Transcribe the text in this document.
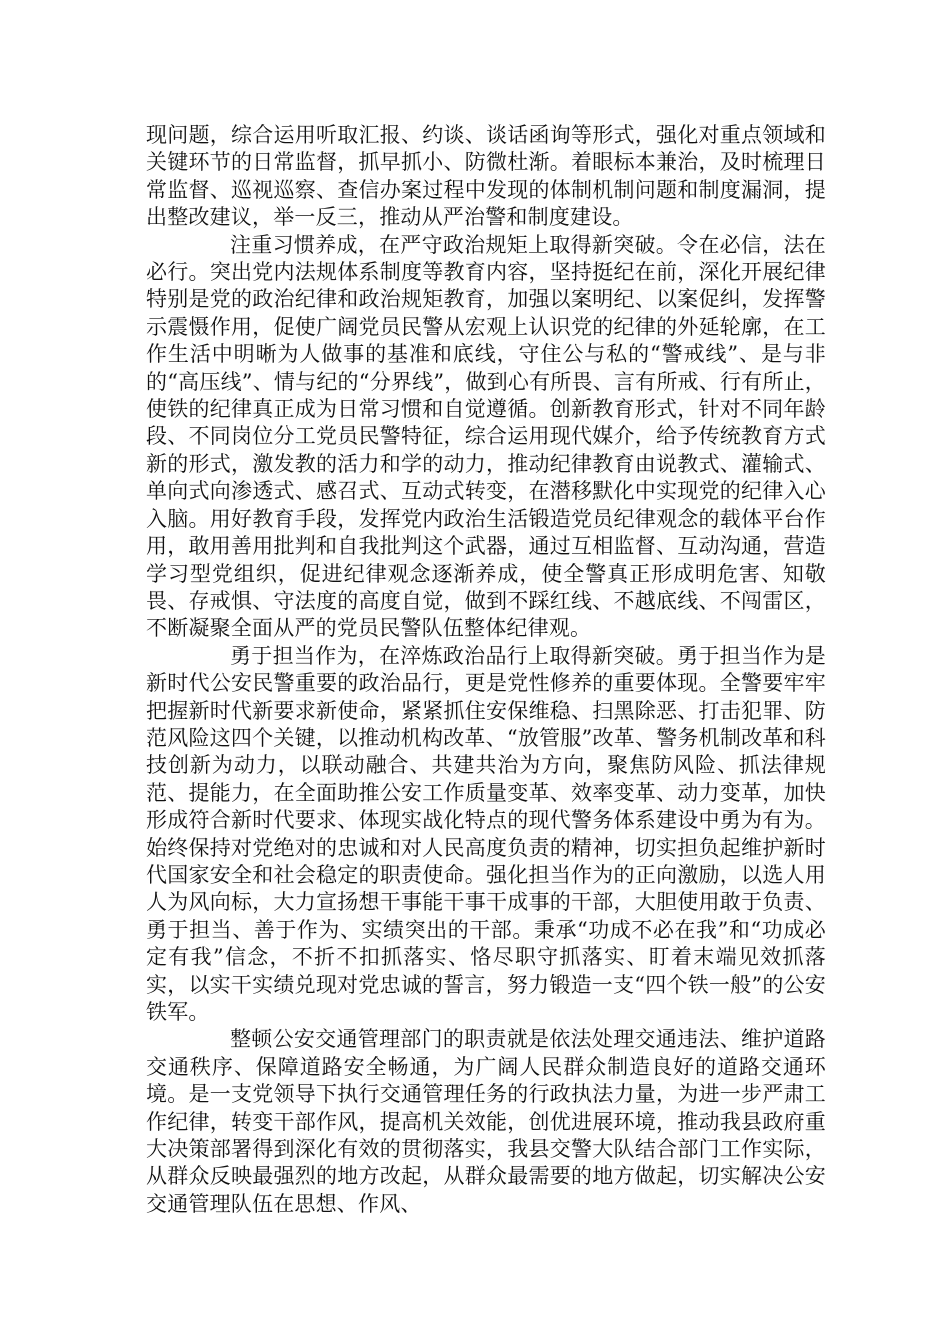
现问题，综合运用听取汇报、约谈、谈话函询等形式，强化对重点领域和关键环节的日常监督，抓早抓小、防微杜渐。着眼标本兼治，及时梳理日常监督、巡视巡察、查信办案过程中发现的体制机制问题和制度漏洞，提出整改建议，举一反三，推动从严治警和制度建设。

注重习惯养成，在严守政治规矩上取得新突破。令在必信，法在必行。突出党内法规体系制度等教育内容，坚持挺纪在前，深化开展纪律特别是党的政治纪律和政治规矩教育，加强以案明纪、以案促纠，发挥警示震慑作用，促使广阔党员民警从宏观上认识党的纪律的外延轮廓，在工作生活中明晰为人做事的基准和底线，守住公与私的“警戒线”、是与非的“高压线”、情与纪的“分界线”，做到心有所畏、言有所戒、行有所止，使铁的纪律真正成为日常习惯和自觉遵循。创新教育形式，针对不同年龄段、不同岗位分工党员民警特征，综合运用现代媒介，给予传统教育方式新的形式，激发教的活力和学的动力，推动纪律教育由说教式、灌输式、单向式向渗透式、感召式、互动式转变，在潜移默化中实现党的纪律入心入脑。用好教育手段，发挥党内政治生活锻造党员纪律观念的载体平台作用，敢用善用批判和自我批判这个武器，通过互相监督、互动沟通，营造学习型党组织，促进纪律观念逐渐养成，使全警真正形成明危害、知敬畏、存戒惧、守法度的高度自觉，做到不踩红线、不越底线、不闯雷区，不断凝聚全面从严的党员民警队伍整体纪律观。

勇于担当作为，在淬炼政治品行上取得新突破。勇于担当作为是新时代公安民警重要的政治品行，更是党性修养的重要体现。全警要牢牢把握新时代新要求新使命，紧紧抓住安保维稳、扫黑除恶、打击犯罪、防范风险这四个关键，以推动机构改革、“放管服”改革、警务机制改革和科技创新为动力，以联动融合、共建共治为方向，聚焦防风险、抓法律规范、提能力，在全面助推公安工作质量变革、效率变革、动力变革，加快形成符合新时代要求、体现实战化特点的现代警务体系建设中勇为有为。始终保持对党绝对的忠诚和对人民高度负责的精神，切实担负起维护新时代国家安全和社会稳定的职责使命。强化担当作为的正向激励，以选人用人为风向标，大力宣扬想干事能干事干成事的干部，大胆使用敢于负责、勇于担当、善于作为、实绩突出的干部。秉承“功成不必在我”和“功成必定有我”信念，不折不扣抓落实、恪尽职守抓落实、盯着末端见效抓落实，以实干实绩兑现对党忠诚的誓言，努力锻造一支“四个铁一般”的公安铁军。

整顿公安交通管理部门的职责就是依法处理交通违法、维护道路交通秩序、保障道路安全畅通，为广阔人民群众制造良好的道路交通环境。是一支党领导下执行交通管理任务的行政执法力量，为进一步严肃工作纪律，转变干部作风，提高机关效能，创优进展环境，推动我县政府重大决策部署得到深化有效的贯彻落实，我县交警大队结合部门工作实际，从群众反映最强烈的地方改起，从群众最需要的地方做起，切实解决公安交通管理队伍在思想、作风、
